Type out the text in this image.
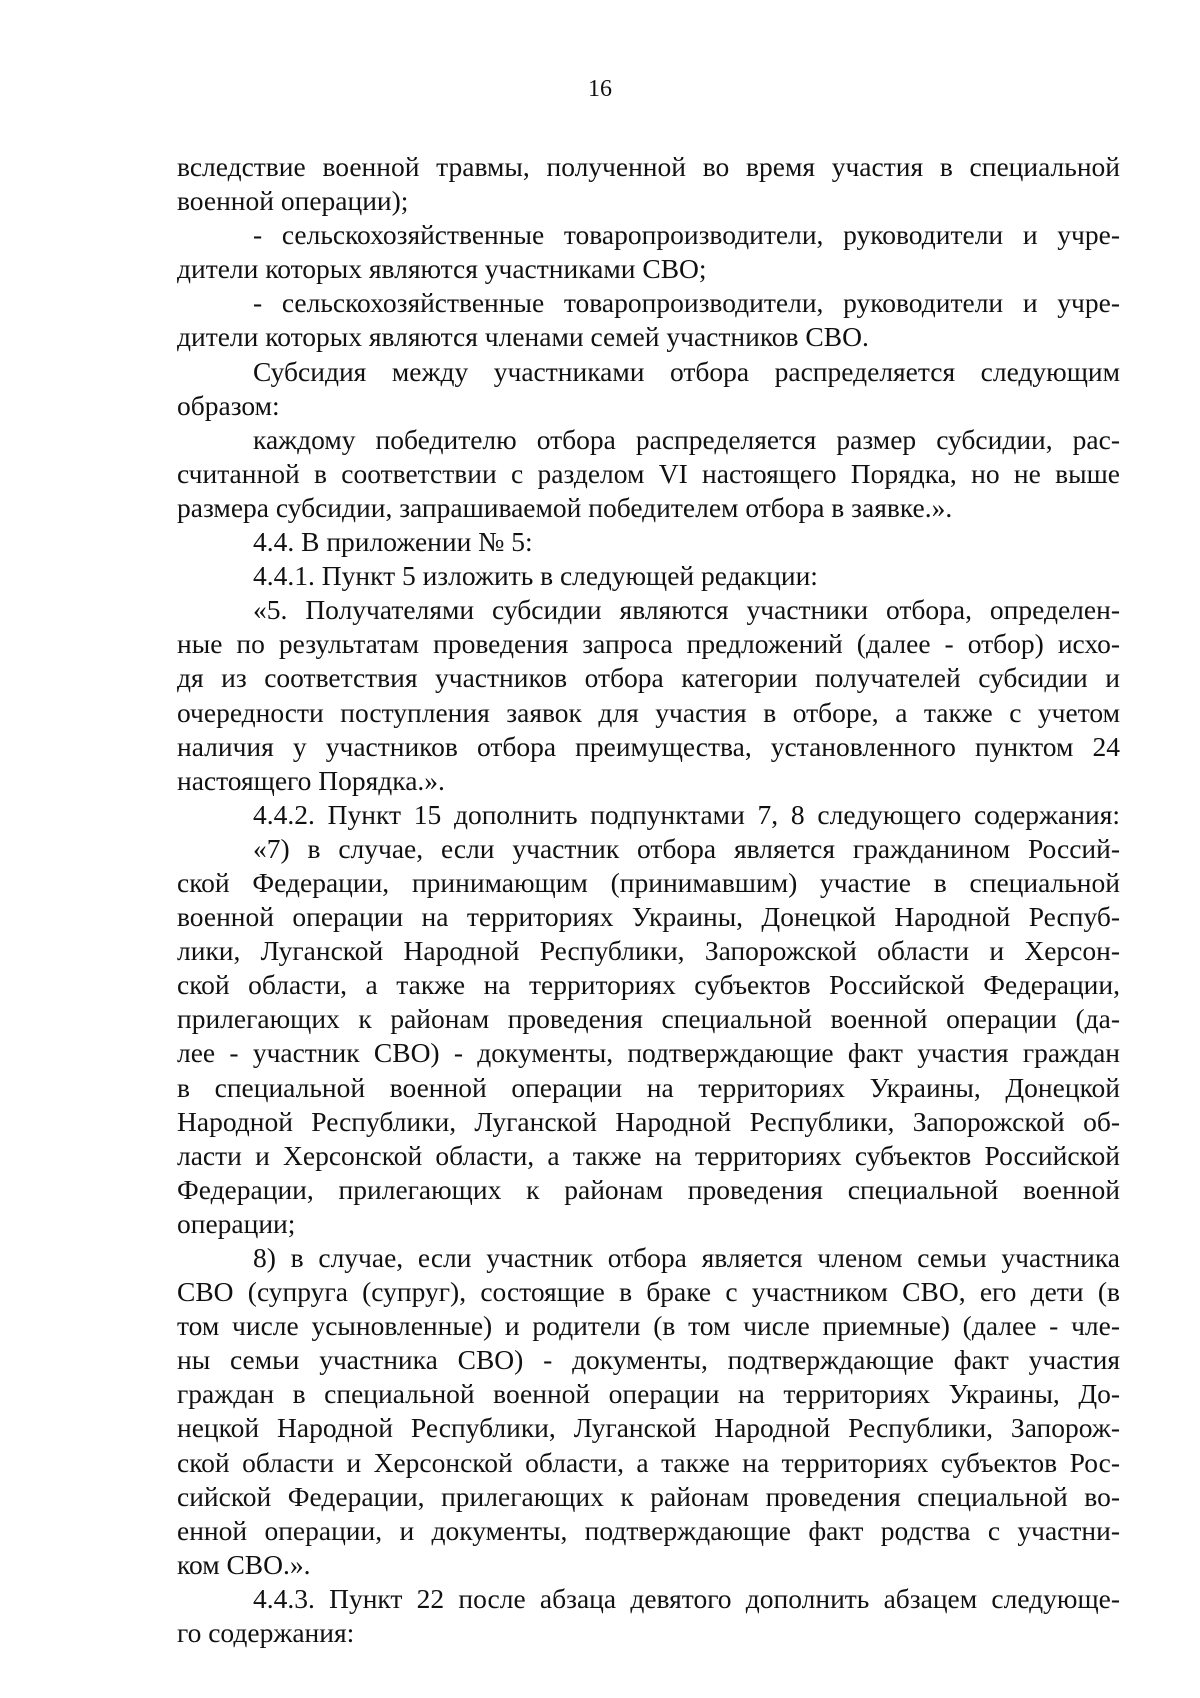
16
вследствие военной травмы, полученной во время участия в специальной
военной операции);
- сельскохозяйственные товаропроизводители, руководители и учре-
дители которых являются участниками СВО;
- сельскохозяйственные товаропроизводители, руководители и учре-
дители которых являются членами семей участников СВО.
Субсидия между участниками отбора распределяется следующим
образом:
каждому победителю отбора распределяется размер субсидии, рас-
считанной в соответствии с разделом VI настоящего Порядка, но не выше
размера субсидии, запрашиваемой победителем отбора в заявке.».
4.4. В приложении № 5:
4.4.1. Пункт 5 изложить в следующей редакции:
«5. Получателями субсидии являются участники отбора, определен-
ные по результатам проведения запроса предложений (далее - отбор) исхо-
дя из соответствия участников отбора категории получателей субсидии и
очередности поступления заявок для участия в отборе, а также с учетом
наличия у участников отбора преимущества, установленного пунктом 24
настоящего Порядка.».
4.4.2. Пункт 15 дополнить подпунктами 7, 8 следующего содержания:
«7) в случае, если участник отбора является гражданином Россий-
ской Федерации, принимающим (принимавшим) участие в специальной
военной операции на территориях Украины, Донецкой Народной Респуб-
лики, Луганской Народной Республики, Запорожской области и Херсон-
ской области, а также на территориях субъектов Российской Федерации,
прилегающих к районам проведения специальной военной операции (да-
лее - участник СВО) - документы, подтверждающие факт участия граждан
в специальной военной операции на территориях Украины, Донецкой
Народной Республики, Луганской Народной Республики, Запорожской об-
ласти и Херсонской области, а также на территориях субъектов Российской
Федерации, прилегающих к районам проведения специальной военной
операции;
8) в случае, если участник отбора является членом семьи участника
СВО (супруга (супруг), состоящие в браке с участником СВО, его дети (в
том числе усыновленные) и родители (в том числе приемные) (далее - чле-
ны семьи участника СВО) - документы, подтверждающие факт участия
граждан в специальной военной операции на территориях Украины, До-
нецкой Народной Республики, Луганской Народной Республики, Запорож-
ской области и Херсонской области, а также на территориях субъектов Рос-
сийской Федерации, прилегающих к районам проведения специальной во-
енной операции, и документы, подтверждающие факт родства с участни-
ком СВО.».
4.4.3. Пункт 22 после абзаца девятого дополнить абзацем следующе-
го содержания:
